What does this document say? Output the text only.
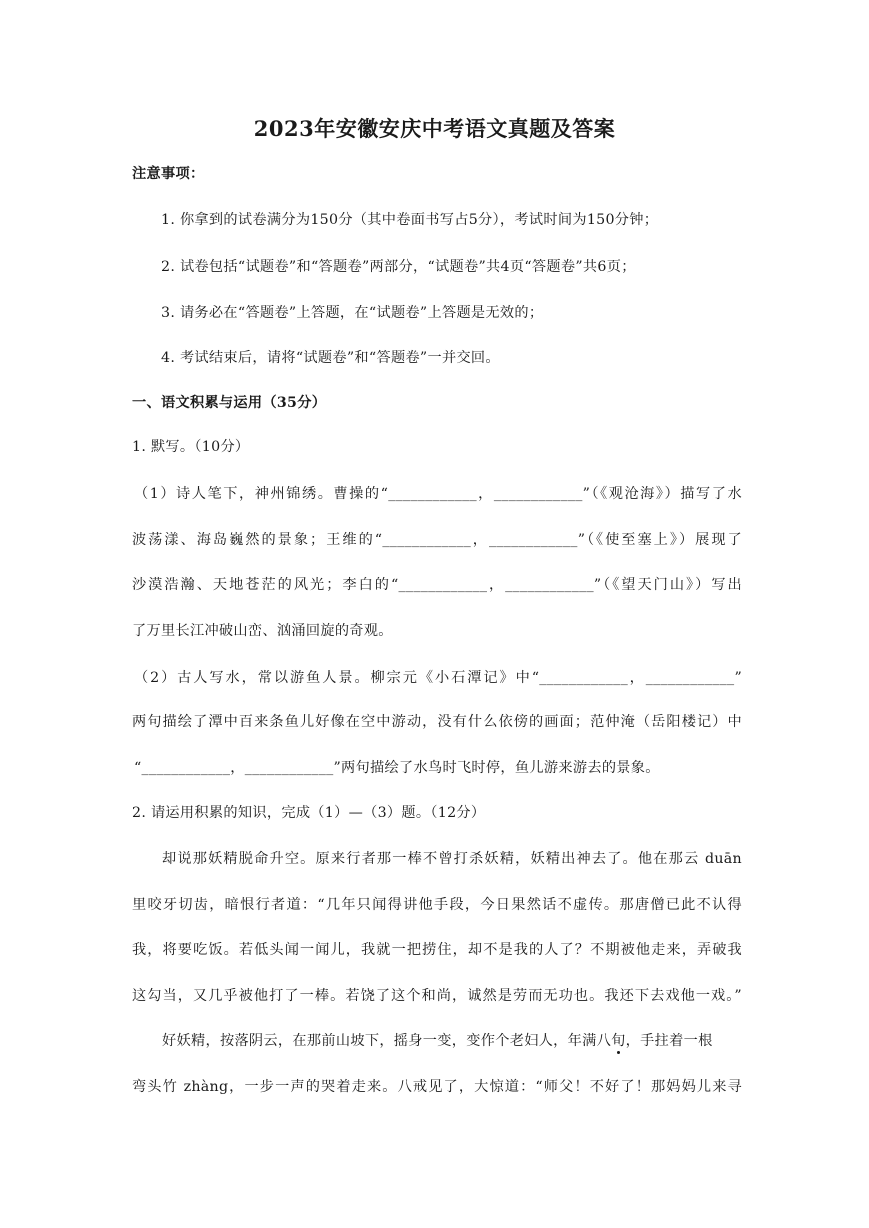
2023年安徽安庆中考语文真题及答案
注意事项：
1. 你拿到的试卷满分为150分（其中卷面书写占5分），考试时间为150分钟；
2. 试卷包括“试题卷”和“答题卷”两部分，“试题卷”共4页“答题卷”共6页；
3. 请务必在“答题卷”上答题，在“试题卷”上答题是无效的；
4. 考试结束后，请将“试题卷”和“答题卷”一并交回。
一、语文积累与运用（35分）
1. 默写。（10分）
（1）诗人笔下，神州锦绣。曹操的“____________，____________”（《观沧海》）描写了水
波荡漾、海岛巍然的景象；王维的“____________，____________”（《使至塞上》）展现了
沙漠浩瀚、天地苍茫的风光；李白的“____________，____________”（《望天门山》）写出
了万里长江冲破山峦、汹涌回旋的奇观。
（2）古人写水，常以游鱼人景。柳宗元《小石潭记》中“____________，____________”
两句描绘了潭中百来条鱼儿好像在空中游动，没有什么依傍的画面；范仲淹（岳阳楼记）中
“____________，____________”两句描绘了水鸟时飞时停，鱼儿游来游去的景象。
2. 请运用积累的知识，完成（1）—（3）题。（12分）
却说那妖精脱命升空。原来行者那一棒不曾打杀妖精，妖精出神去了。他在那云 duān
里咬牙切齿，暗恨行者道：“几年只闻得讲他手段，今日果然话不虚传。那唐僧已此不认得
我，将要吃饭。若低头闻一闻儿，我就一把捞住，却不是我的人了？不期被他走来，弄破我
这勾当，又几乎被他打了一棒。若饶了这个和尚，诚然是劳而无功也。我还下去戏他一戏。”
好妖精，按落阴云，在那前山坡下，摇身一变，变作个老妇人，年满八旬，手拄着一根
弯头竹 zhàng，一步一声的哭着走来。八戒见了，大惊道：“师父！不好了！那妈妈儿来寻
